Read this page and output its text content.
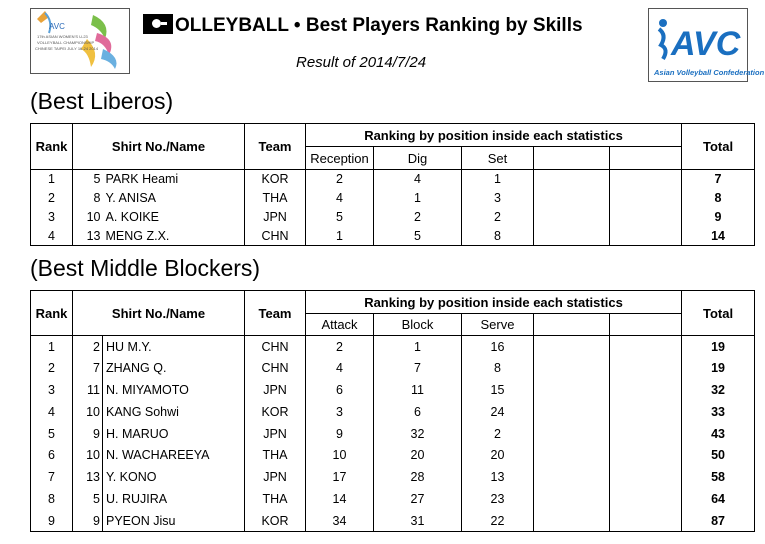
AVC
17th ASIAN WOMEN'S U-23
VOLLEYBALL CHAMPIONSHIP
CHINESE TAIPEI JULY 16-24 2014
OLLEYBALL • Best Players Ranking by Skills
Result of 2014/7/24	AVC
Asian Volleyball Confederation
(Best Liberos)
Rank	Shirt No./Name		Team	Ranking by position inside each statistics					Total
				Reception	Dig	Set			
1	5	PARK Heami	KOR	2	4	1			7
2	8	Y. ANISA	THA	4	1	3			8
3	10	A. KOIKE	JPN	5	2	2			9
4	13	MENG Z.X.	CHN	1	5	8			14
(Best Middle Blockers)
Rank	Shirt No./Name		Team	Ranking by position inside each statistics					Total
				Attack	Block	Serve			
1	2	HU M.Y.	CHN	2	1	16			19
2	7	ZHANG Q.	CHN	4	7	8			19
3	11	N. MIYAMOTO	JPN	6	11	15			32
4	10	KANG Sohwi	KOR	3	6	24			33
5	9	H. MARUO	JPN	9	32	2			43
6	10	N. WACHAREEYA	THA	10	20	20			50
7	13	Y. KONO	JPN	17	28	13			58
8	5	U. RUJIRA	THA	14	27	23			64
9	9	PYEON Jisu	KOR	34	31	22			87
